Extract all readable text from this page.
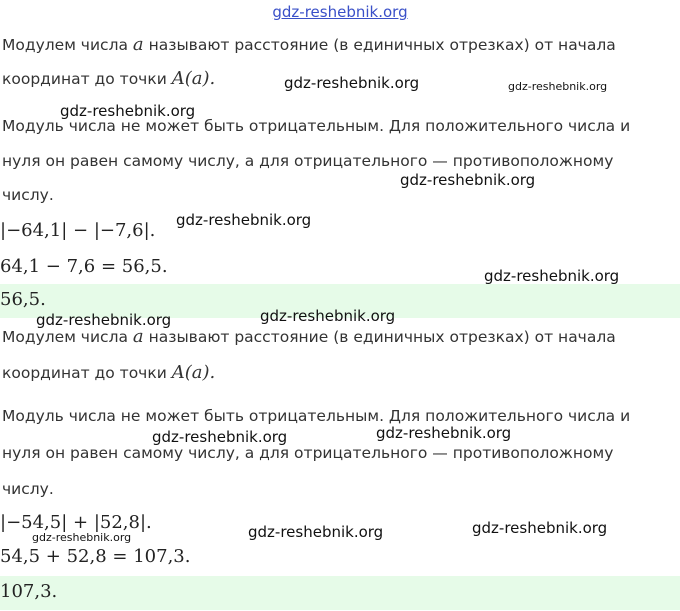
gdz-reshebnik.org
Модулем числа a называют расстояние (в единичных отрезках) от начала
координат до точки A(a).
Модуль числа не может быть отрицательным. Для положительного числа и
нуля он равен самому числу, а для отрицательного — противоположному
числу.
|−64,1| − |−7,6|.
64,1 − 7,6 = 56,5.
56,5.
Модулем числа a называют расстояние (в единичных отрезках) от начала
координат до точки A(a).
Модуль числа не может быть отрицательным. Для положительного числа и
нуля он равен самому числу, а для отрицательного — противоположному
числу.
|−54,5| + |52,8|.
54,5 + 52,8 = 107,3.
107,3.
gdz-reshebnik.org	gdz-reshebnik.org
gdz-reshebnik.org
gdz-reshebnik.org
gdz-reshebnik.org
gdz-reshebnik.org
gdz-reshebnik.org
gdz-reshebnik.org
gdz-reshebnik.org	gdz-reshebnik.org
gdz-reshebnik.org	gdz-reshebnik.org
gdz-reshebnik.org
